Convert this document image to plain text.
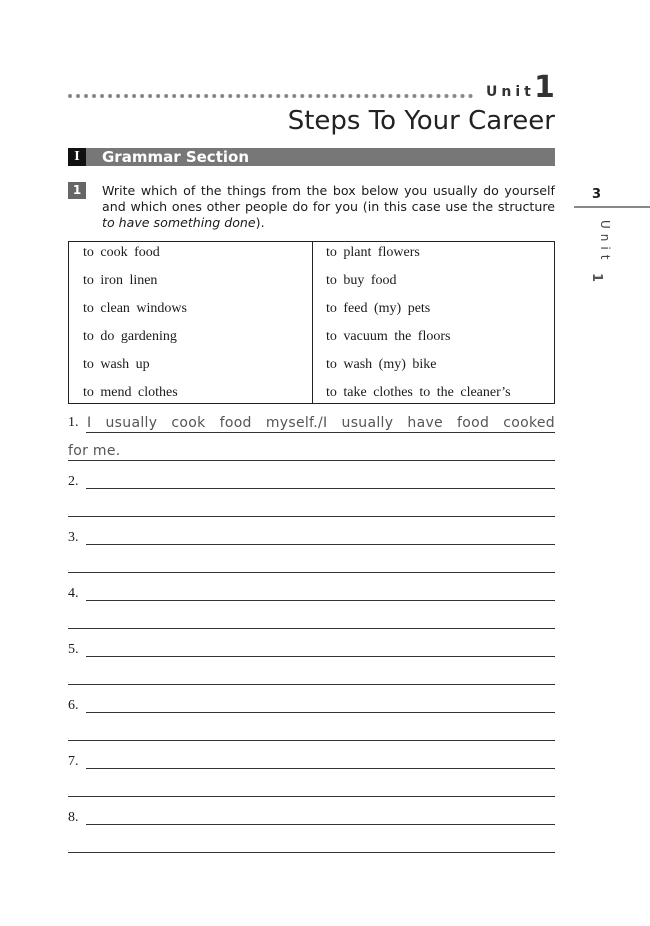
Unit 1
Steps To Your Career
I	Grammar Section
1	Write which of the things from the box below you usually do yourself and which ones other people do for you (in this case use the structure to have something done).
3
Unit
1
to cook food
to iron linen
to clean windows
to do gardening
to wash up
to mend clothes
to plant flowers
to buy food
to feed (my) pets
to vacuum the floors
to wash (my) bike
to take clothes to the cleaner’s
1. I usually cook food myself./I usually have food cooked
for me.
2.
3.
4.
5.
6.
7.
8.
